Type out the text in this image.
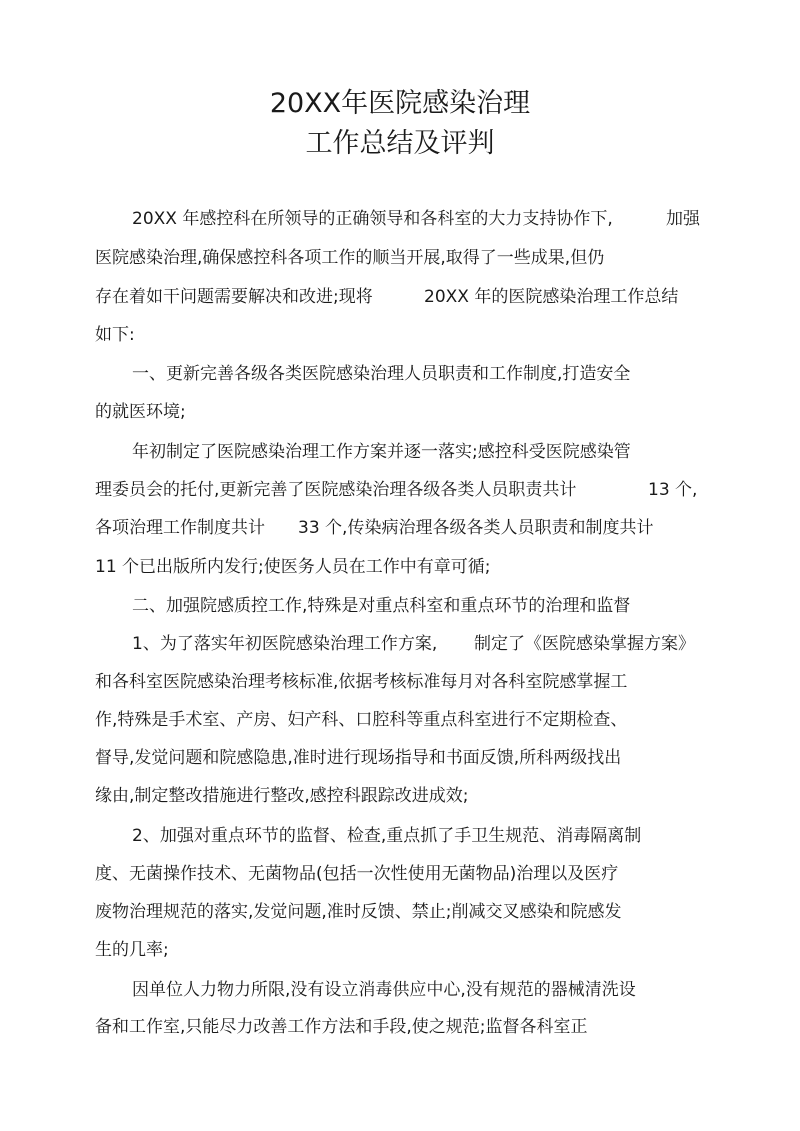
20XX年医院感染治理
工作总结及评判
20XX 年感控科在所领导的正确领导和各科室的大力支持协作下,	加强
医院感染治理,确保感控科各项工作的顺当开展,取得了一些成果,但仍
存在着如干问题需要解决和改进;现将	20XX 年的医院感染治理工作总结
如下:
一、更新完善各级各类医院感染治理人员职责和工作制度,打造安全
的就医环境;
年初制定了医院感染治理工作方案并逐一落实;感控科受医院感染管
理委员会的托付,更新完善了医院感染治理各级各类人员职责共计	13 个,
各项治理工作制度共计 33 个,传染病治理各级各类人员职责和制度共计
11 个已出版所内发行;使医务人员在工作中有章可循;
二、加强院感质控工作,特殊是对重点科室和重点环节的治理和监督
1、为了落实年初医院感染治理工作方案, 制定了《医院感染掌握方案》
和各科室医院感染治理考核标准,依据考核标准每月对各科室院感掌握工
作,特殊是手术室、产房、妇产科、口腔科等重点科室进行不定期检查、
督导,发觉问题和院感隐患,准时进行现场指导和书面反馈,所科两级找出
缘由,制定整改措施进行整改,感控科跟踪改进成效;
2、加强对重点环节的监督、检查,重点抓了手卫生规范、消毒隔离制
度、无菌操作技术、无菌物品(包括一次性使用无菌物品)治理以及医疗
废物治理规范的落实,发觉问题,准时反馈、禁止;削减交叉感染和院感发
生的几率;
因单位人力物力所限,没有设立消毒供应中心,没有规范的器械清洗设
备和工作室,只能尽力改善工作方法和手段,使之规范;监督各科室正
